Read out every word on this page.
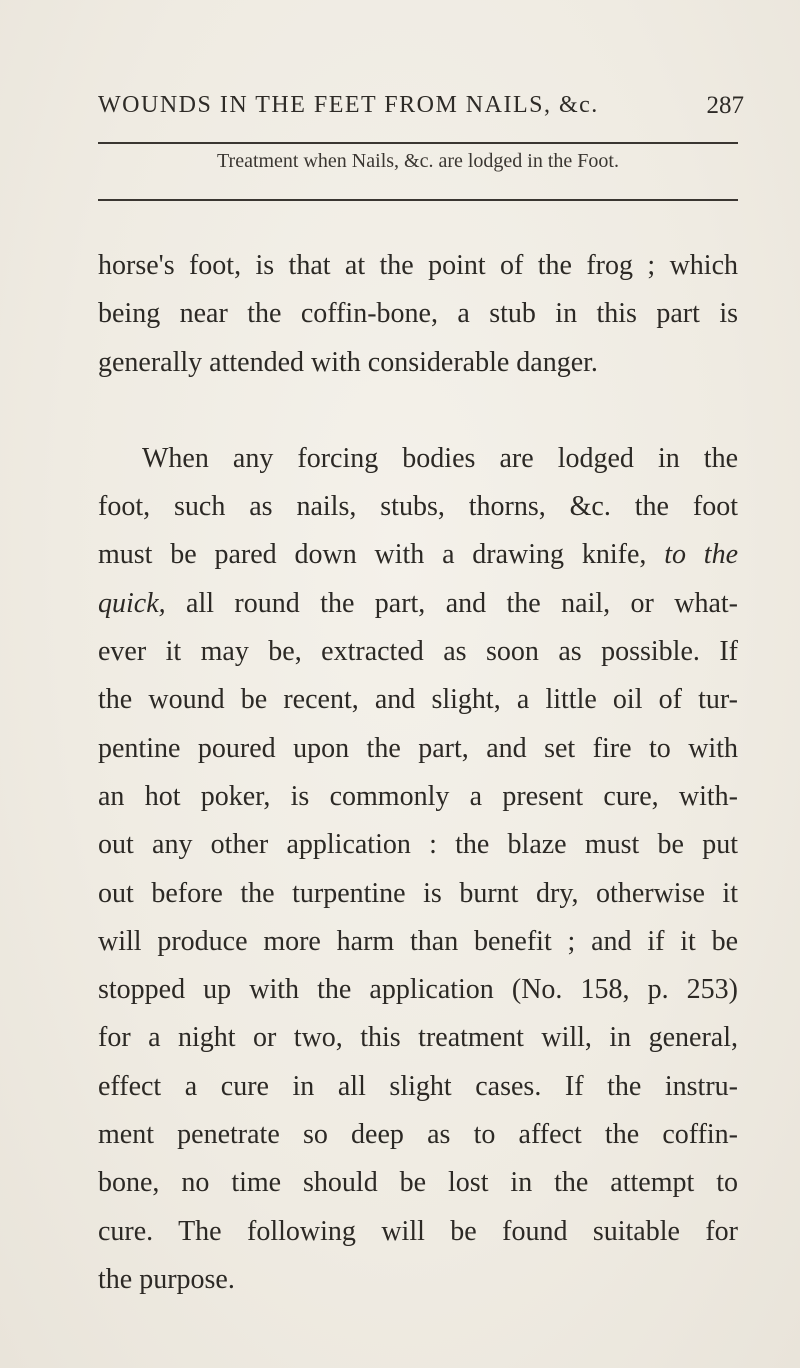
WOUNDS IN THE FEET FROM NAILS, &c.	287
Treatment when Nails, &c. are lodged in the Foot.
horse's foot, is that at the point of the frog ; which
being near the coffin-bone, a stub in this part is
generally attended with considerable danger.
When any forcing bodies are lodged in the
foot, such as nails, stubs, thorns, &c. the foot
must be pared down with a drawing knife, to the
quick, all round the part, and the nail, or what-
ever it may be, extracted as soon as possible. If
the wound be recent, and slight, a little oil of tur-
pentine poured upon the part, and set fire to with
an hot poker, is commonly a present cure, with-
out any other application : the blaze must be put
out before the turpentine is burnt dry, otherwise it
will produce more harm than benefit ; and if it be
stopped up with the application (No. 158, p. 253)
for a night or two, this treatment will, in general,
effect a cure in all slight cases. If the instru-
ment penetrate so deep as to affect the coffin-
bone, no time should be lost in the attempt to
cure. The following will be found suitable for
the purpose.
